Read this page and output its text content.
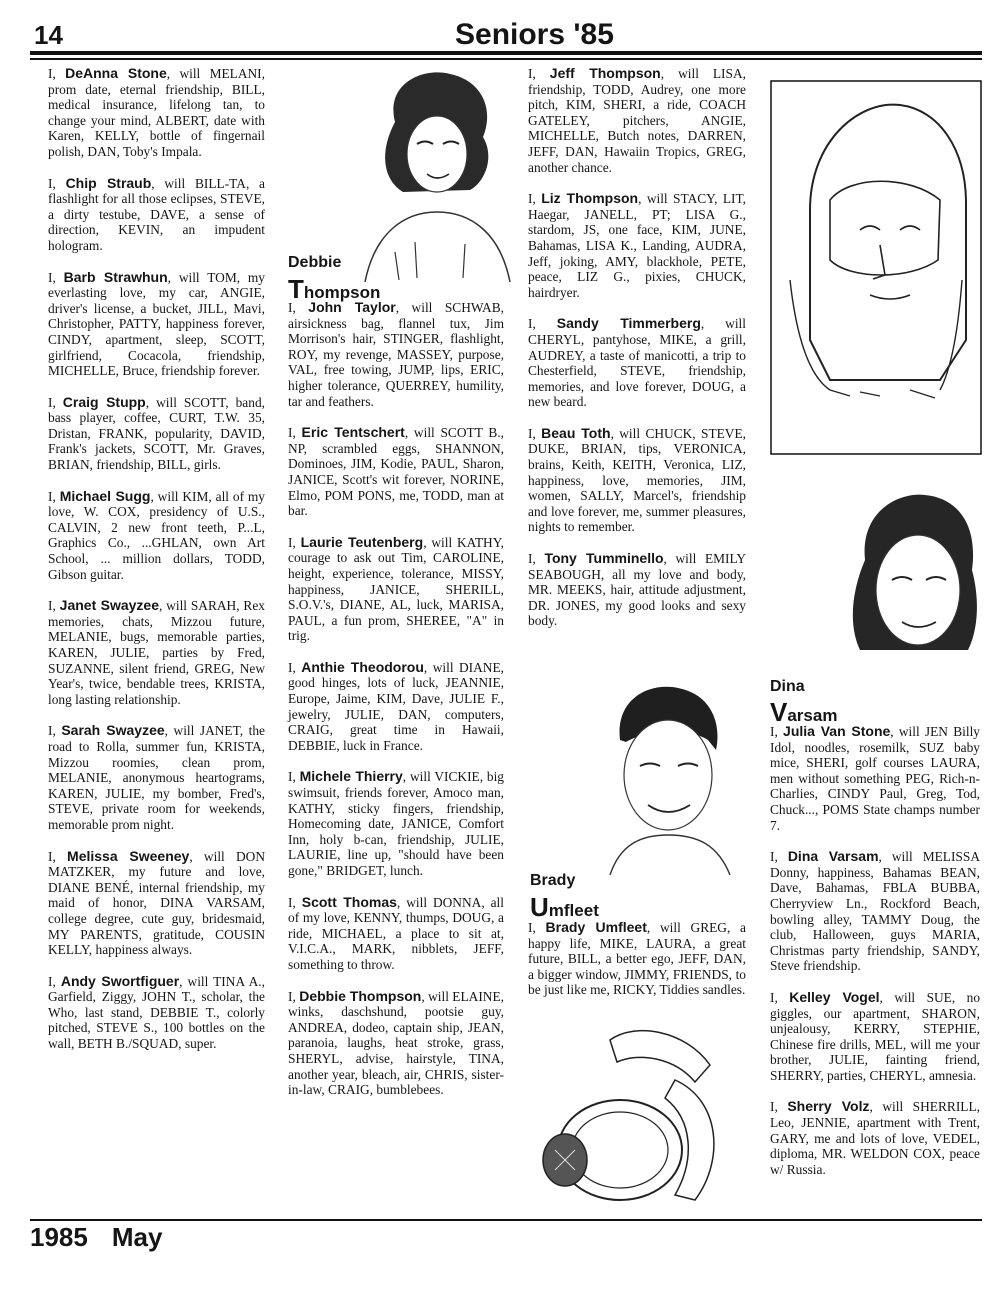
14	Seniors '85

I, DeAnna Stone, will MELANI, prom date, eternal friendship, BILL, medical insurance, lifelong tan, to change your mind, ALBERT, date with Karen, KELLY, bottle of fingernail polish, DAN, Toby's Impala.

I, Chip Straub, will BILL-TA, a flashlight for all those eclipses, STEVE, a dirty testube, DAVE, a sense of direction, KEVIN, an impudent hologram.

I, Barb Strawhun, will TOM, my everlasting love, my car, ANGIE, driver's license, a bucket, JILL, Mavi, Christopher, PATTY, happiness forever, CINDY, apartment, sleep, SCOTT, girlfriend, Cocacola, friendship, MICHELLE, Bruce, friendship forever.

I, Craig Stupp, will SCOTT, band, bass player, coffee, CURT, T.W. 35, Dristan, FRANK, popularity, DAVID, Frank's jackets, SCOTT, Mr. Graves, BRIAN, friendship, BILL, girls.

I, Michael Sugg, will KIM, all of my love, W. COX, presidency of U.S., CALVIN, 2 new front teeth, P...L, Graphics Co., ...GHLAN, own Art School, ... million dollars, TODD, Gibson guitar.

I, Janet Swayzee, will SARAH, Rex memories, chats, Mizzou future, MELANIE, bugs, memorable parties, KAREN, JULIE, parties by Fred, SUZANNE, silent friend, GREG, New Year's, twice, bendable trees, KRISTA, long lasting relationship.

I, Sarah Swayzee, will JANET, the road to Rolla, summer fun, KRISTA, Mizzou roomies, clean prom, MELANIE, anonymous heartograms, KAREN, JULIE, my bomber, Fred's, STEVE, private room for weekends, memorable prom night.

I, Melissa Sweeney, will DON MATZKER, my future and love, DIANE BENÉ, internal friendship, my maid of honor, DINA VARSAM, college degree, cute guy, bridesmaid, MY PARENTS, gratitude, COUSIN KELLY, happiness always.

I, Andy Swortfiguer, will TINA A., Garfield, Ziggy, JOHN T., scholar, the Who, last stand, DEBBIE T., colorly pitched, STEVE S., 100 bottles on the wall, BETH B./SQUAD, super.

Debbie
Thompson

I, John Taylor, will SCHWAB, airsickness bag, flannel tux, Jim Morrison's hair, STINGER, flashlight, ROY, my revenge, MASSEY, purpose, VAL, free towing, JUMP, lips, ERIC, higher tolerance, QUERREY, humility, tar and feathers.

I, Eric Tentschert, will SCOTT B., NP, scrambled eggs, SHANNON, Dominoes, JIM, Kodie, PAUL, Sharon, JANICE, Scott's wit forever, NORINE, Elmo, POM PONS, me, TODD, man at bar.

I, Laurie Teutenberg, will KATHY, courage to ask out Tim, CAROLINE, height, experience, tolerance, MISSY, happiness, JANICE, SHERILL, S.O.V.'s, DIANE, AL, luck, MARISA, PAUL, a fun prom, SHEREE, "A" in trig.

I, Anthie Theodorou, will DIANE, good hinges, lots of luck, JEANNIE, Europe, Jaime, KIM, Dave, JULIE F., jewelry, JULIE, DAN, computers, CRAIG, great time in Hawaii, DEBBIE, luck in France.

I, Michele Thierry, will VICKIE, big swimsuit, friends forever, Amoco man, KATHY, sticky fingers, friendship, Homecoming date, JANICE, Comfort Inn, holy b-can, friendship, JULIE, LAURIE, line up, "should have been gone," BRIDGET, lunch.

I, Scott Thomas, will DONNA, all of my love, KENNY, thumps, DOUG, a ride, MICHAEL, a place to sit at, V.I.C.A., MARK, nibblets, JEFF, something to throw.

I, Debbie Thompson, will ELAINE, winks, daschshund, pootsie guy, ANDREA, dodeo, captain ship, JEAN, paranoia, laughs, heat stroke, grass, SHERYL, advise, hairstyle, TINA, another year, bleach, air, CHRIS, sister-in-law, CRAIG, bumblebees.

I, Jeff Thompson, will LISA, friendship, TODD, Audrey, one more pitch, KIM, SHERI, a ride, COACH GATELEY, pitchers, ANGIE, MICHELLE, Butch notes, DARREN, JEFF, DAN, Hawaiin Tropics, GREG, another chance.

I, Liz Thompson, will STACY, LIT, Haegar, JANELL, PT; LISA G., stardom, JS, one face, KIM, JUNE, Bahamas, LISA K., Landing, AUDRA, Jeff, joking, AMY, blackhole, PETE, peace, LIZ G., pixies, CHUCK, hairdryer.

I, Sandy Timmerberg, will CHERYL, pantyhose, MIKE, a grill, AUDREY, a taste of manicotti, a trip to Chesterfield, STEVE, friendship, memories, and love forever, DOUG, a new beard.

I, Beau Toth, will CHUCK, STEVE, DUKE, BRIAN, tips, VERONICA, brains, Keith, KEITH, Veronica, LIZ, happiness, love, memories, JIM, women, SALLY, Marcel's, friendship and love forever, me, summer pleasures, nights to remember.

I, Tony Tumminello, will EMILY SEABOUGH, all my love and body, MR. MEEKS, hair, attitude adjustment, DR. JONES, my good looks and sexy body.

Brady
Umfleet

I, Brady Umfleet, will GREG, a happy life, MIKE, LAURA, a great future, BILL, a better ego, JEFF, DAN, a bigger window, JIMMY, FRIENDS, to be just like me, RICKY, Tiddies sandles.

Dina
Varsam

I, Julia Van Stone, will JEN Billy Idol, noodles, rosemilk, SUZ baby mice, SHERI, golf courses LAURA, men without something PEG, Rich-n-Charlies, CINDY Paul, Greg, Tod, Chuck..., POMS State champs number 7.

I, Dina Varsam, will MELISSA Donny, happiness, Bahamas BEAN, Dave, Bahamas, FBLA BUBBA, Cherryview Ln., Rockford Beach, bowling alley, TAMMY Doug, the club, Halloween, guys MARIA, Christmas party friendship, SANDY, Steve friendship.

I, Kelley Vogel, will SUE, no giggles, our apartment, SHARON, unjealousy, KERRY, STEPHIE, Chinese fire drills, MEL, will me your brother, JULIE, fainting friend, SHERRY, parties, CHERYL, amnesia.

I, Sherry Volz, will SHERRILL, Leo, JENNIE, apartment with Trent, GARY, me and lots of love, VEDEL, diploma, MR. WELDON COX, peace w/ Russia.

1985 May
